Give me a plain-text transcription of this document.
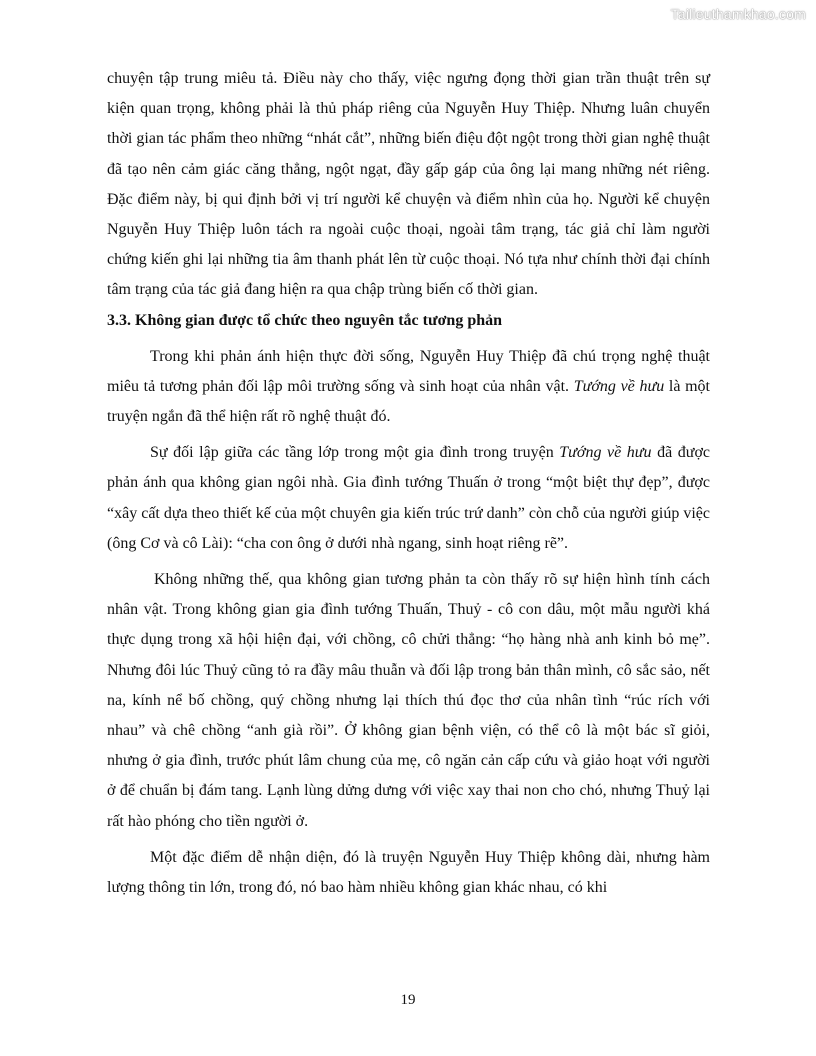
Tailieuthamkhao.com

chuyện tập trung miêu tả. Điều này cho thấy, việc ngưng đọng thời gian trần thuật trên sự kiện quan trọng, không phải là thủ pháp riêng của Nguyễn Huy Thiệp. Nhưng luân chuyển thời gian tác phẩm theo những “nhát cắt”, những biến điệu đột ngột trong thời gian nghệ thuật đã tạo nên cảm giác căng thẳng, ngột ngạt, đầy gấp gáp của ông lại mang những nét riêng. Đặc điểm này, bị qui định bởi vị trí người kể chuyện và điểm nhìn của họ. Người kể chuyện Nguyễn Huy Thiệp luôn tách ra ngoài cuộc thoại, ngoài tâm trạng, tác giả chỉ làm người chứng kiến ghi lại những tia âm thanh phát lên từ cuộc thoại. Nó tựa như chính thời đại chính tâm trạng của tác giả đang hiện ra qua chập trùng biến cố thời gian.

3.3. Không gian được tổ chức theo nguyên tắc tương phản

Trong khi phản ánh hiện thực đời sống, Nguyễn Huy Thiệp đã chú trọng nghệ thuật miêu tả tương phản đối lập môi trường sống và sinh hoạt của nhân vật. Tướng về hưu là một truyện ngắn đã thể hiện rất rõ nghệ thuật đó.

Sự đối lập giữa các tầng lớp trong một gia đình trong truyện Tướng về hưu đã được phản ánh qua không gian ngôi nhà. Gia đình tướng Thuấn ở trong “một biệt thự đẹp”, được “xây cất dựa theo thiết kế của một chuyên gia kiến trúc trứ danh” còn chỗ của người giúp việc (ông Cơ và cô Lài): “cha con ông ở dưới nhà ngang, sinh hoạt riêng rẽ”.

Không những thế, qua không gian tương phản ta còn thấy rõ sự hiện hình tính cách nhân vật. Trong không gian gia đình tướng Thuấn, Thuỷ - cô con dâu, một mẫu người khá thực dụng trong xã hội hiện đại, với chồng, cô chửi thẳng: “họ hàng nhà anh kinh bỏ mẹ”. Nhưng đôi lúc Thuỷ cũng tỏ ra đầy mâu thuẫn và đối lập trong bản thân mình, cô sắc sảo, nết na, kính nể bố chồng, quý chồng nhưng lại thích thú đọc thơ của nhân tình “rúc rích với nhau” và chê chồng “anh già rồi”. Ở không gian bệnh viện, có thể cô là một bác sĩ giỏi, nhưng ở gia đình, trước phút lâm chung của mẹ, cô ngăn cản cấp cứu và giảo hoạt với người ở để chuẩn bị đám tang. Lạnh lùng dửng dưng với việc xay thai non cho chó, nhưng Thuỷ lại rất hào phóng cho tiền người ở.

Một đặc điểm dễ nhận diện, đó là truyện Nguyễn Huy Thiệp không dài, nhưng hàm lượng thông tin lớn, trong đó, nó bao hàm nhiều không gian khác nhau, có khi

19
